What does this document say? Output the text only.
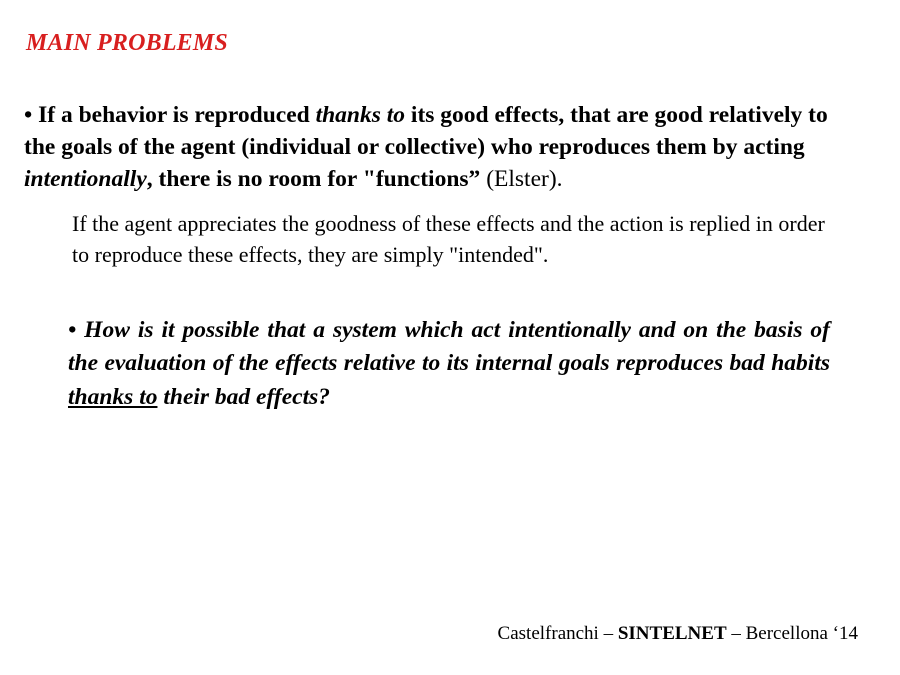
MAIN PROBLEMS
• If a behavior is reproduced thanks to its good effects, that are good relatively to the goals of the agent (individual or collective) who reproduces them by acting intentionally, there is no room for "functions” (Elster).
If the agent appreciates the goodness of these effects and the action is replied in order to reproduce these effects, they are simply "intended".
• How is it possible that a system which act intentionally and on the basis of the evaluation of the effects relative to its internal goals reproduces bad habits thanks to their bad effects?
Castelfranchi – SINTELNET – Bercellona ‘14
